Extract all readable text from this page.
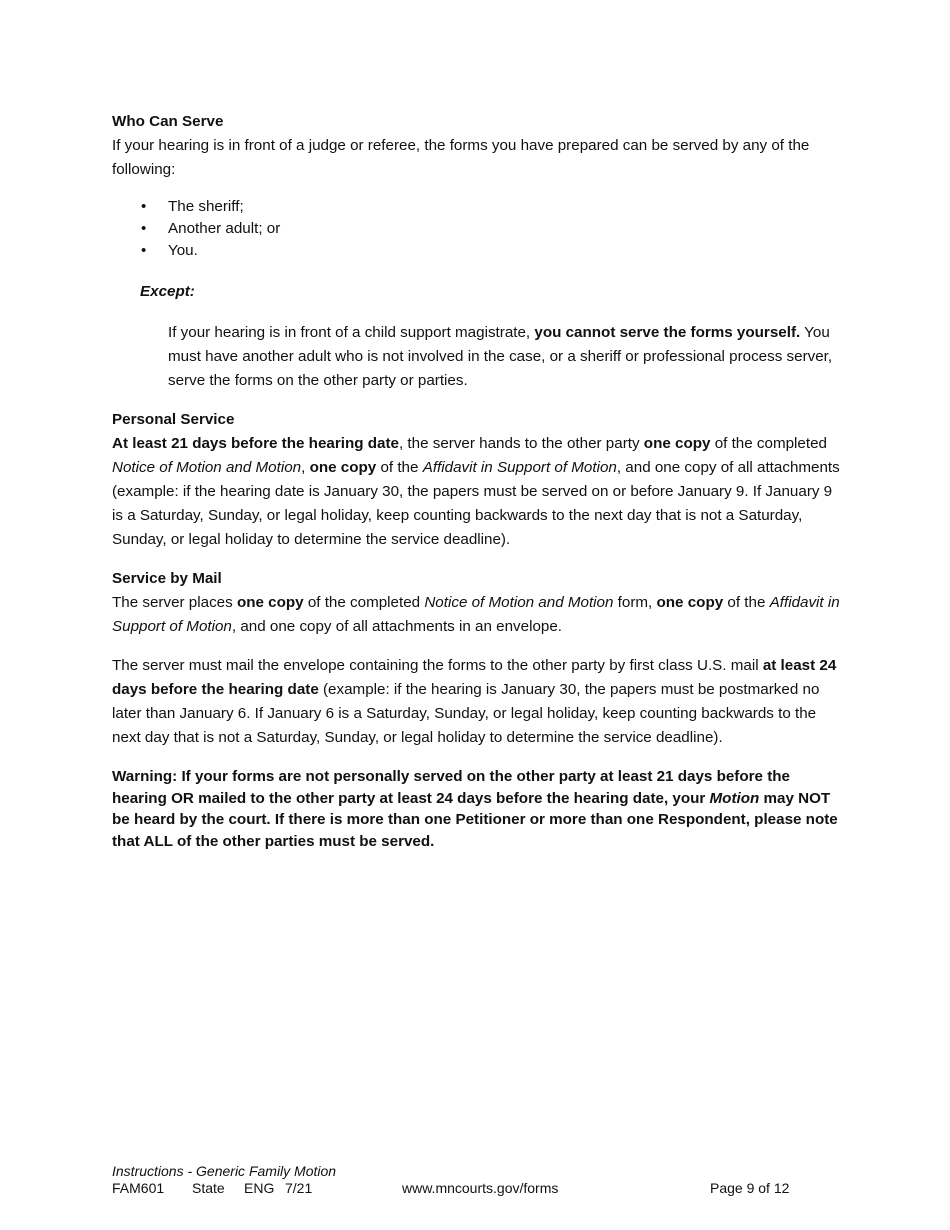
Who Can Serve

If your hearing is in front of a judge or referee, the forms you have prepared can be served by any of the following:

• The sheriff;
• Another adult; or
• You.
Except:

If your hearing is in front of a child support magistrate, you cannot serve the forms yourself. You must have another adult who is not involved in the case, or a sheriff or professional process server, serve the forms on the other party or parties.

Personal Service

At least 21 days before the hearing date, the server hands to the other party one copy of the completed Notice of Motion and Motion, one copy of the Affidavit in Support of Motion, and one copy of all attachments (example: if the hearing date is January 30, the papers must be served on or before January 9. If January 9 is a Saturday, Sunday, or legal holiday, keep counting backwards to the next day that is not a Saturday, Sunday, or legal holiday to determine the service deadline).

Service by Mail

The server places one copy of the completed Notice of Motion and Motion form, one copy of the Affidavit in Support of Motion, and one copy of all attachments in an envelope.

The server must mail the envelope containing the forms to the other party by first class U.S. mail at least 24 days before the hearing date (example: if the hearing is January 30, the papers must be postmarked no later than January 6. If January 6 is a Saturday, Sunday, or legal holiday, keep counting backwards to the next day that is not a Saturday, Sunday, or legal holiday to determine the service deadline).

Warning: If your forms are not personally served on the other party at least 21 days before the hearing OR mailed to the other party at least 24 days before the hearing date, your Motion may NOT be heard by the court. If there is more than one Petitioner or more than one Respondent, please note that ALL of the other parties must be served.

Instructions - Generic Family Motion
FAM601 State ENG 7/21	www.mncourts.gov/forms	Page 9 of 12
